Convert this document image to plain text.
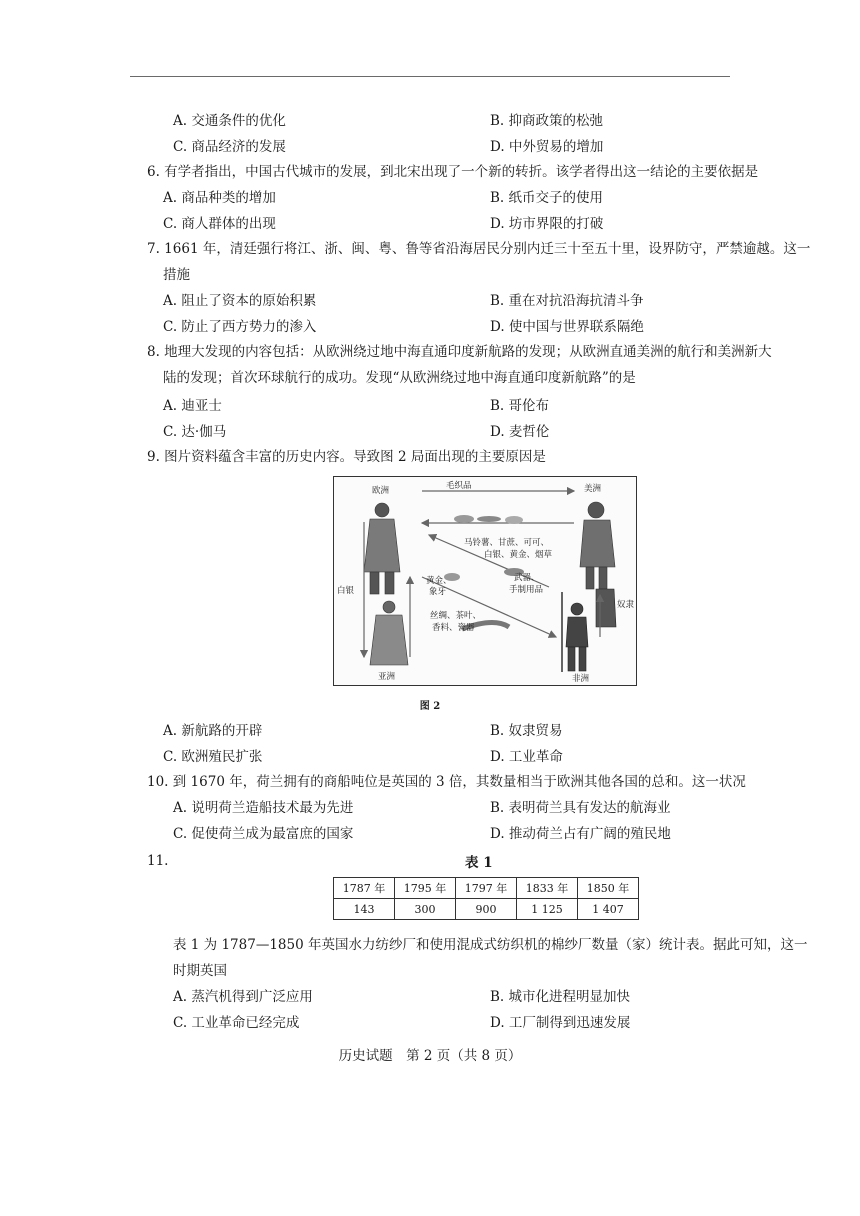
A. 交通条件的优化	B. 抑商政策的松弛
C. 商品经济的发展	D. 中外贸易的增加
6. 有学者指出，中国古代城市的发展，到北宋出现了一个新的转折。该学者得出这一结论的主要依据是
A. 商品种类的增加	B. 纸币交子的使用
C. 商人群体的出现	D. 坊市界限的打破
7. 1661 年，清廷强行将江、浙、闽、粤、鲁等省沿海居民分别内迁三十至五十里，设界防守，严禁逾越。这一
措施
A. 阻止了资本的原始积累	B. 重在对抗沿海抗清斗争
C. 防止了西方势力的渗入	D. 使中国与世界联系隔绝
8. 地理大发现的内容包括：从欧洲绕过地中海直通印度新航路的发现；从欧洲直通美洲的航行和美洲新大
陆的发现；首次环球航行的成功。发现“从欧洲绕过地中海直通印度新航路”的是
A. 迪亚士	B. 哥伦布
C. 达·伽马	D. 麦哲伦
9. 图片资料蕴含丰富的历史内容。导致图 2 局面出现的主要原因是
欧洲	美洲
亚洲	非洲
毛织品
马铃薯、甘蔗、可可、
白银、黄金、烟草
黄金、
象牙
武器、
手制用品
白银
奴隶
丝绸、茶叶、
香料、瓷器
图 2
A. 新航路的开辟	B. 奴隶贸易
C. 欧洲殖民扩张	D. 工业革命
10. 到 1670 年，荷兰拥有的商船吨位是英国的 3 倍，其数量相当于欧洲其他各国的总和。这一状况
A. 说明荷兰造船技术最为先进	B. 表明荷兰具有发达的航海业
C. 促使荷兰成为最富庶的国家	D. 推动荷兰占有广阔的殖民地
11.	表 1
1787 年	1795 年	1797 年	1833 年	1850 年
143	300	900	1 125	1 407
表 1 为 1787—1850 年英国水力纺纱厂和使用混成式纺织机的棉纱厂数量（家）统计表。据此可知，这一
时期英国
A. 蒸汽机得到广泛应用	B. 城市化进程明显加快
C. 工业革命已经完成	D. 工厂制得到迅速发展
历史试题　第 2 页（共 8 页）
